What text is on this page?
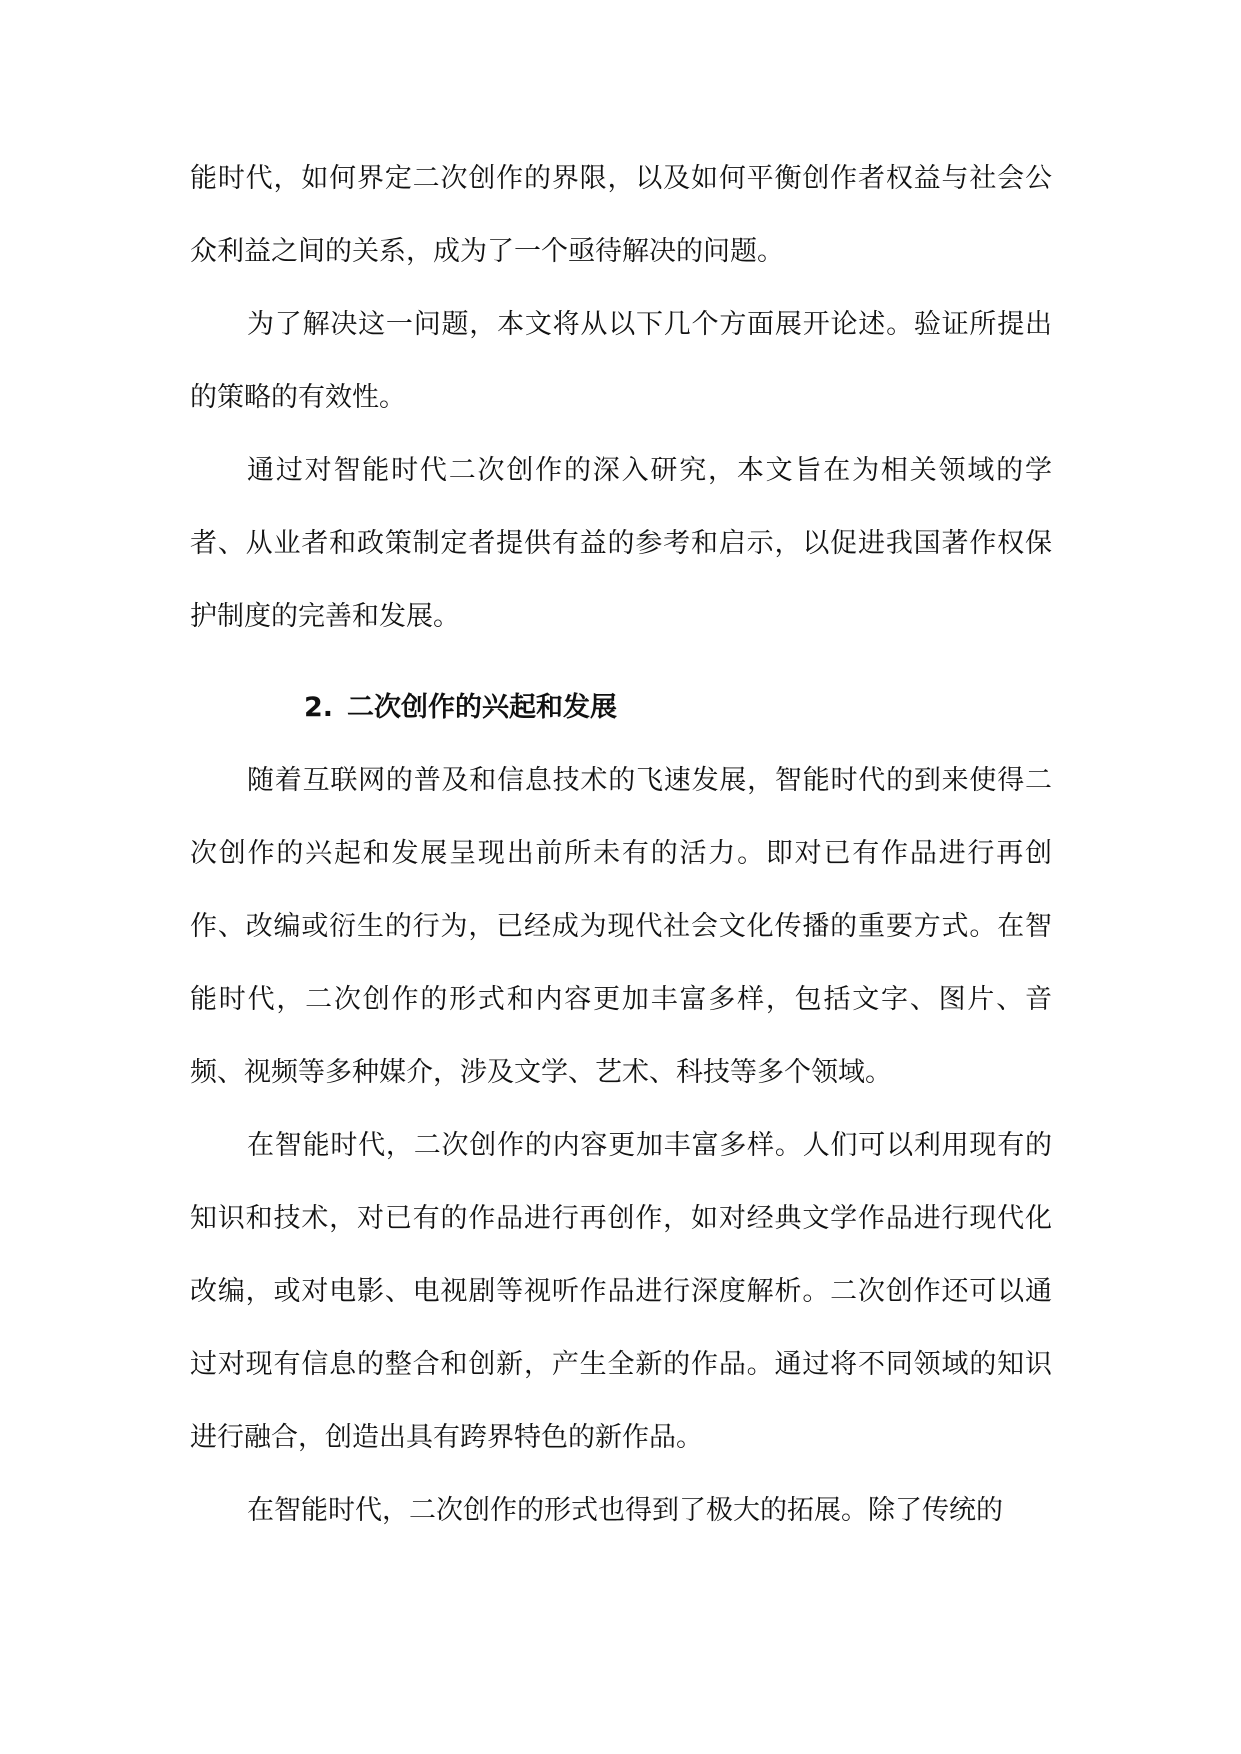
能时代，如何界定二次创作的界限，以及如何平衡创作者权益与社会公众利益之间的关系，成为了一个亟待解决的问题。

为了解决这一问题，本文将从以下几个方面展开论述。验证所提出的策略的有效性。

通过对智能时代二次创作的深入研究，本文旨在为相关领域的学者、从业者和政策制定者提供有益的参考和启示，以促进我国著作权保护制度的完善和发展。

2. 二次创作的兴起和发展

随着互联网的普及和信息技术的飞速发展，智能时代的到来使得二次创作的兴起和发展呈现出前所未有的活力。即对已有作品进行再创作、改编或衍生的行为，已经成为现代社会文化传播的重要方式。在智能时代，二次创作的形式和内容更加丰富多样，包括文字、图片、音频、视频等多种媒介，涉及文学、艺术、科技等多个领域。

在智能时代，二次创作的内容更加丰富多样。人们可以利用现有的知识和技术，对已有的作品进行再创作，如对经典文学作品进行现代化改编，或对电影、电视剧等视听作品进行深度解析。二次创作还可以通过对现有信息的整合和创新，产生全新的作品。通过将不同领域的知识进行融合，创造出具有跨界特色的新作品。

在智能时代，二次创作的形式也得到了极大的拓展。除了传统的
